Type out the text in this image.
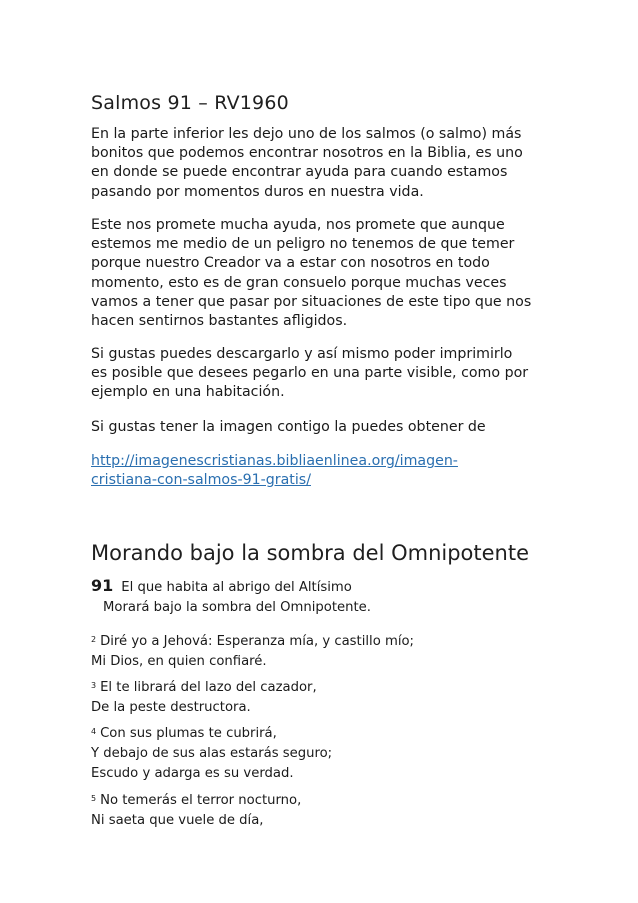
Salmos 91 – RV1960
En la parte inferior les dejo uno de los salmos (o salmo) más
bonitos que podemos encontrar nosotros en la Biblia, es uno
en donde se puede encontrar ayuda para cuando estamos
pasando por momentos duros en nuestra vida.
Este nos promete mucha ayuda, nos promete que aunque
estemos me medio de un peligro no tenemos de que temer
porque nuestro Creador va a estar con nosotros en todo
momento, esto es de gran consuelo porque muchas veces
vamos a tener que pasar por situaciones de este tipo que nos
hacen sentirnos bastantes afligidos.
Si gustas puedes descargarlo y así mismo poder imprimirlo
es posible que desees pegarlo en una parte visible, como por
ejemplo en una habitación.
Si gustas tener la imagen contigo la puedes obtener de
http://imagenescristianas.bibliaenlinea.org/imagen-
cristiana-con-salmos-91-gratis/
Morando bajo la sombra del Omnipotente
91 El que habita al abrigo del Altísimo
Morará bajo la sombra del Omnipotente.
$^2$ Diré yo a Jehová: Esperanza mía, y castillo mío;
Mi Dios, en quien confiaré.
$^3$ El te librará del lazo del cazador,
De la peste destructora.
$^4$ Con sus plumas te cubrirá,
Y debajo de sus alas estarás seguro;
Escudo y adarga es su verdad.
$^5$ No temerás el terror nocturno,
Ni saeta que vuele de día,
